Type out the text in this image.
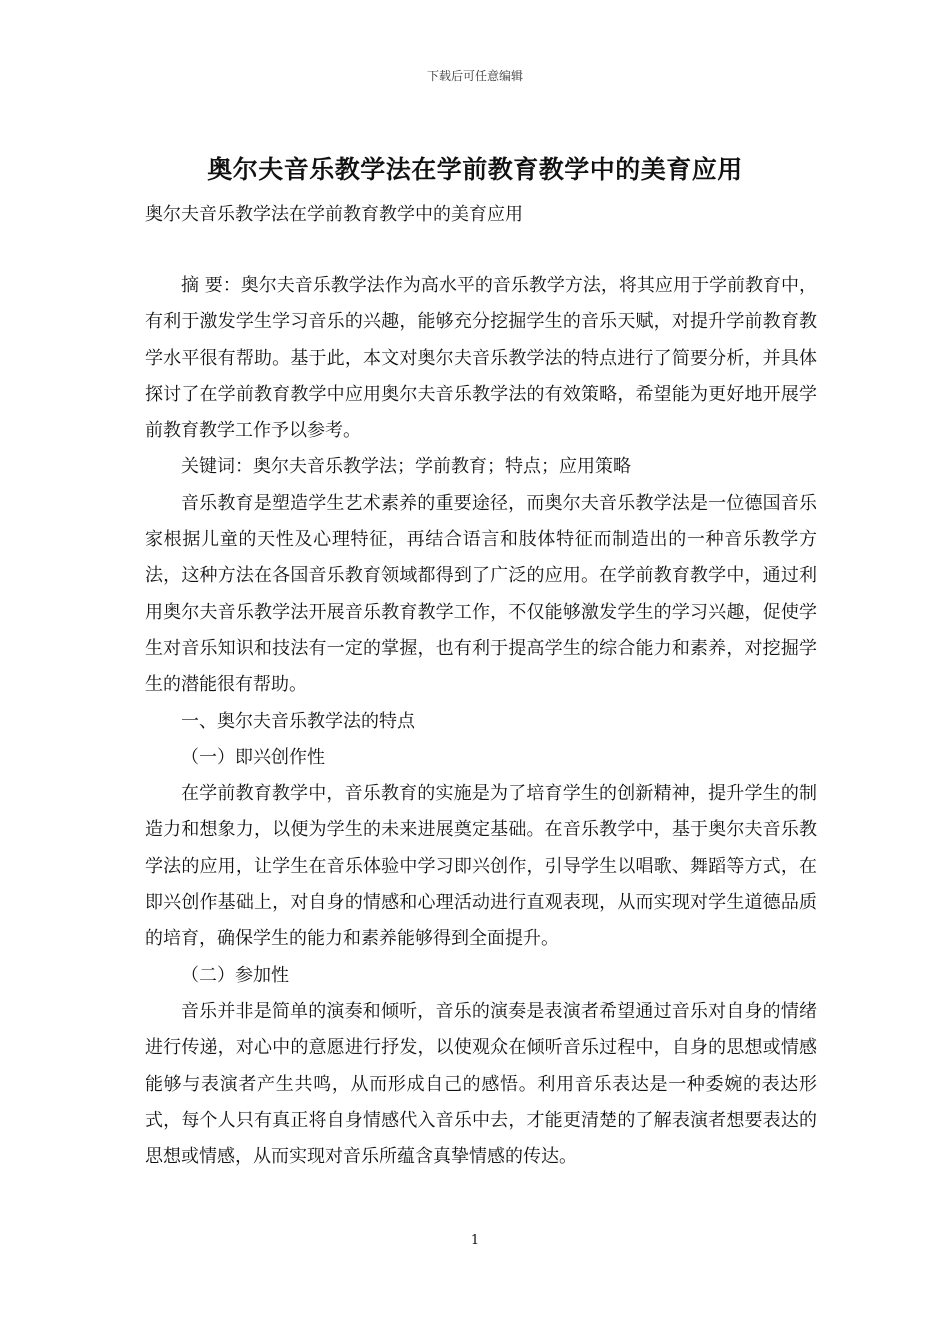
下载后可任意编辑
奥尔夫音乐教学法在学前教育教学中的美育应用
奥尔夫音乐教学法在学前教育教学中的美育应用

摘 要：奥尔夫音乐教学法作为高水平的音乐教学方法，将其应用于学前教育中，有利于激发学生学习音乐的兴趣，能够充分挖掘学生的音乐天赋，对提升学前教育教学水平很有帮助。基于此，本文对奥尔夫音乐教学法的特点进行了简要分析，并具体探讨了在学前教育教学中应用奥尔夫音乐教学法的有效策略，希望能为更好地开展学前教育教学工作予以参考。

关键词：奥尔夫音乐教学法；学前教育；特点；应用策略

音乐教育是塑造学生艺术素养的重要途径，而奥尔夫音乐教学法是一位德国音乐家根据儿童的天性及心理特征，再结合语言和肢体特征而制造出的一种音乐教学方法，这种方法在各国音乐教育领域都得到了广泛的应用。在学前教育教学中，通过利用奥尔夫音乐教学法开展音乐教育教学工作，不仅能够激发学生的学习兴趣，促使学生对音乐知识和技法有一定的掌握，也有利于提高学生的综合能力和素养，对挖掘学生的潜能很有帮助。

一、奥尔夫音乐教学法的特点

（一）即兴创作性

在学前教育教学中，音乐教育的实施是为了培育学生的创新精神，提升学生的制造力和想象力，以便为学生的未来进展奠定基础。在音乐教学中，基于奥尔夫音乐教学法的应用，让学生在音乐体验中学习即兴创作，引导学生以唱歌、舞蹈等方式，在即兴创作基础上，对自身的情感和心理活动进行直观表现，从而实现对学生道德品质的培育，确保学生的能力和素养能够得到全面提升。

（二）参加性

音乐并非是简单的演奏和倾听，音乐的演奏是表演者希望通过音乐对自身的情绪进行传递，对心中的意愿进行抒发，以使观众在倾听音乐过程中，自身的思想或情感能够与表演者产生共鸣，从而形成自己的感悟。利用音乐表达是一种委婉的表达形式，每个人只有真正将自身情感代入音乐中去，才能更清楚的了解表演者想要表达的思想或情感，从而实现对音乐所蕴含真挚情感的传达。

1
